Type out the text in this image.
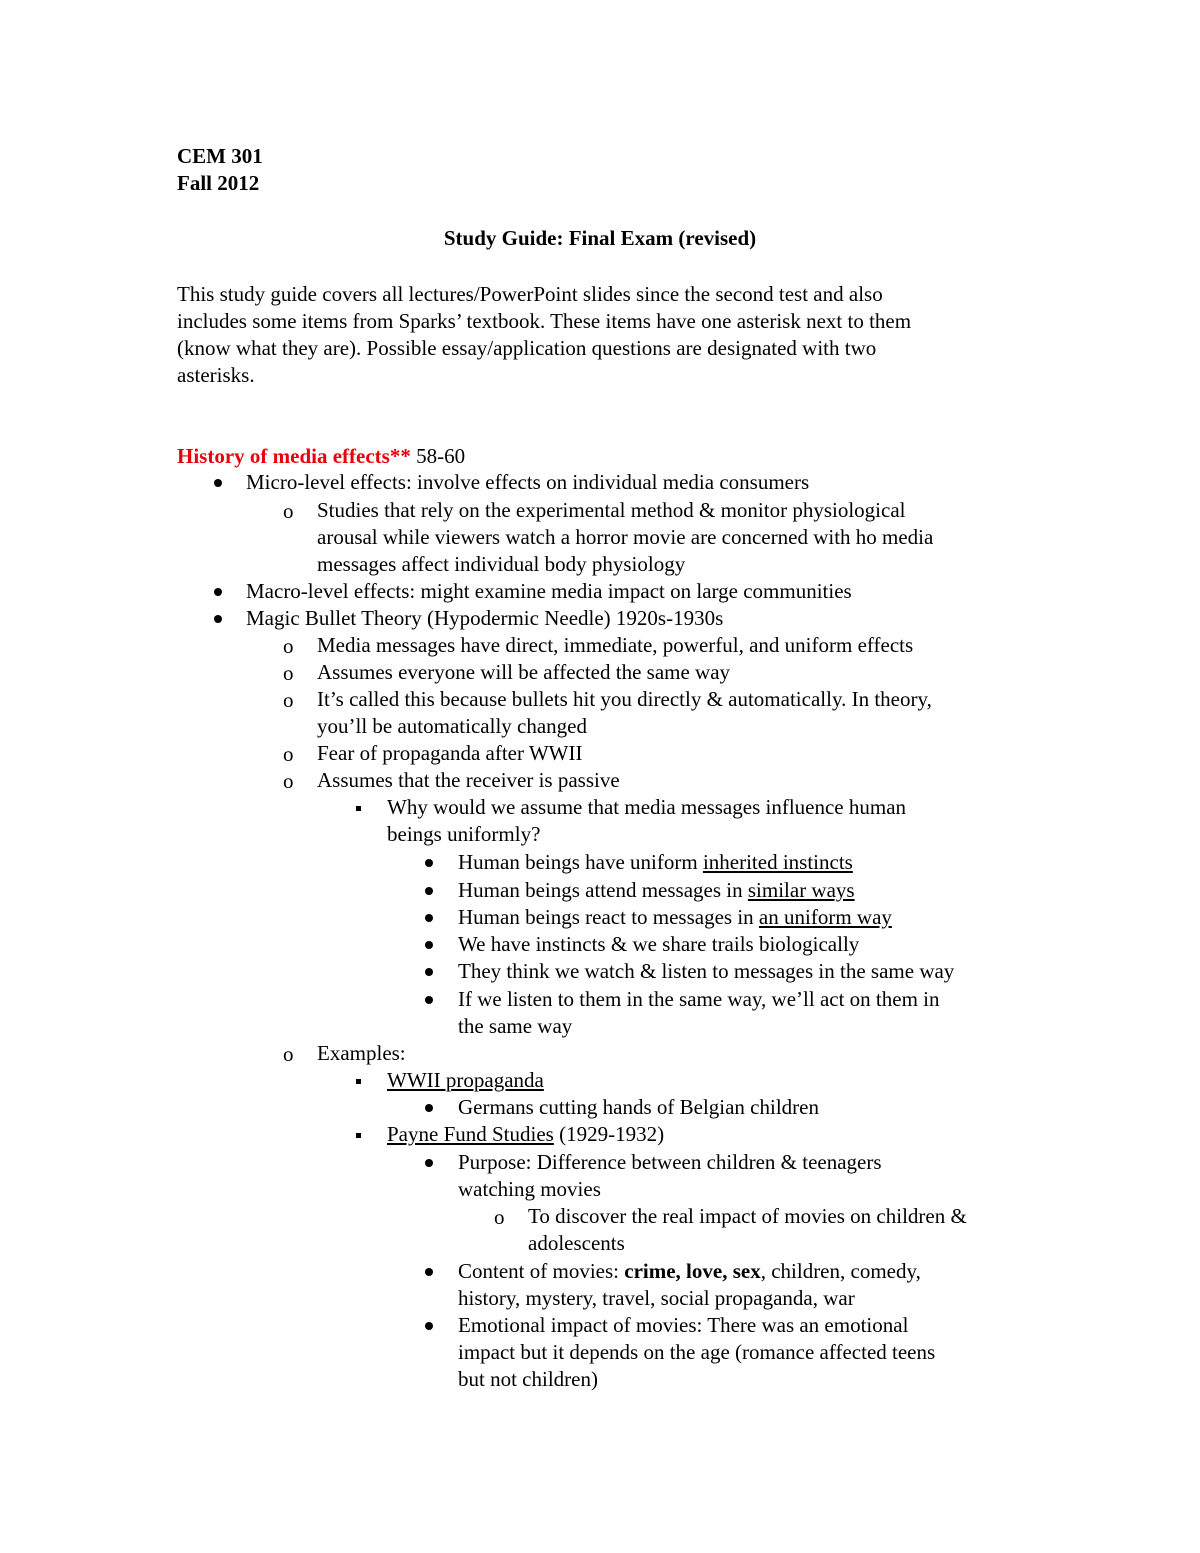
CEM 301
Fall 2012
Study Guide: Final Exam (revised)
This study guide covers all lectures/PowerPoint slides since the second test and also
includes some items from Sparks’ textbook. These items have one asterisk next to them
(know what they are). Possible essay/application questions are designated with two
asterisks.
History of media effects** 58-60
Micro-level effects: involve effects on individual media consumers
o Studies that rely on the experimental method & monitor physiological
arousal while viewers watch a horror movie are concerned with ho media
messages affect individual body physiology
Macro-level effects: might examine media impact on large communities
Magic Bullet Theory (Hypodermic Needle) 1920s-1930s
o Media messages have direct, immediate, powerful, and uniform effects
o Assumes everyone will be affected the same way
o It’s called this because bullets hit you directly & automatically. In theory,
you’ll be automatically changed
o Fear of propaganda after WWII
o Assumes that the receiver is passive
Why would we assume that media messages influence human
beings uniformly?
Human beings have uniform inherited instincts
Human beings attend messages in similar ways
Human beings react to messages in an uniform way
We have instincts & we share trails biologically
They think we watch & listen to messages in the same way
If we listen to them in the same way, we’ll act on them in
the same way
o Examples:
WWII propaganda
Germans cutting hands of Belgian children
Payne Fund Studies (1929-1932)
Purpose: Difference between children & teenagers
watching movies
o To discover the real impact of movies on children &
adolescents
Content of movies: crime, love, sex, children, comedy,
history, mystery, travel, social propaganda, war
Emotional impact of movies: There was an emotional
impact but it depends on the age (romance affected teens
but not children)
